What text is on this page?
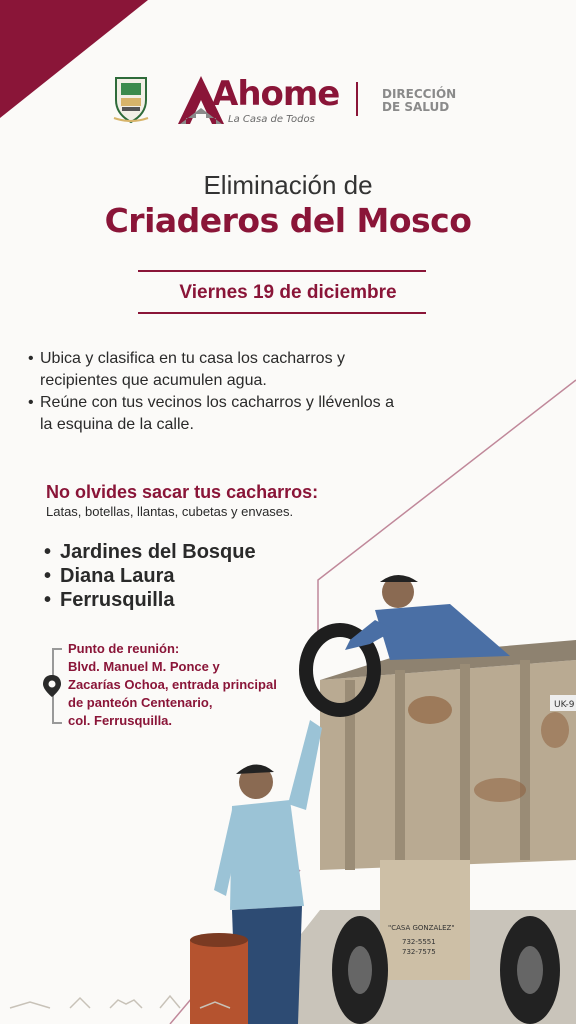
Ahome
La Casa de Todos
DIRECCIÓN
DE SALUD
Eliminación de
Criaderos del Mosco
Viernes 19 de diciembre
• Ubica y clasifica en tu casa los cacharros y recipientes que acumulen agua.
• Reúne con tus vecinos los cacharros y llévenlos a la esquina de la calle.
No olvides sacar tus cacharros:
Latas, botellas, llantas, cubetas y envases.
• Jardines del Bosque
• Diana Laura
• Ferrusquilla
Punto de reunión:
Blvd. Manuel M. Ponce y
Zacarías Ochoa, entrada principal
de panteón Centenario,
col. Ferrusquilla.
UK-9
"CASA GONZALEZ"
732-5551
732-7575
